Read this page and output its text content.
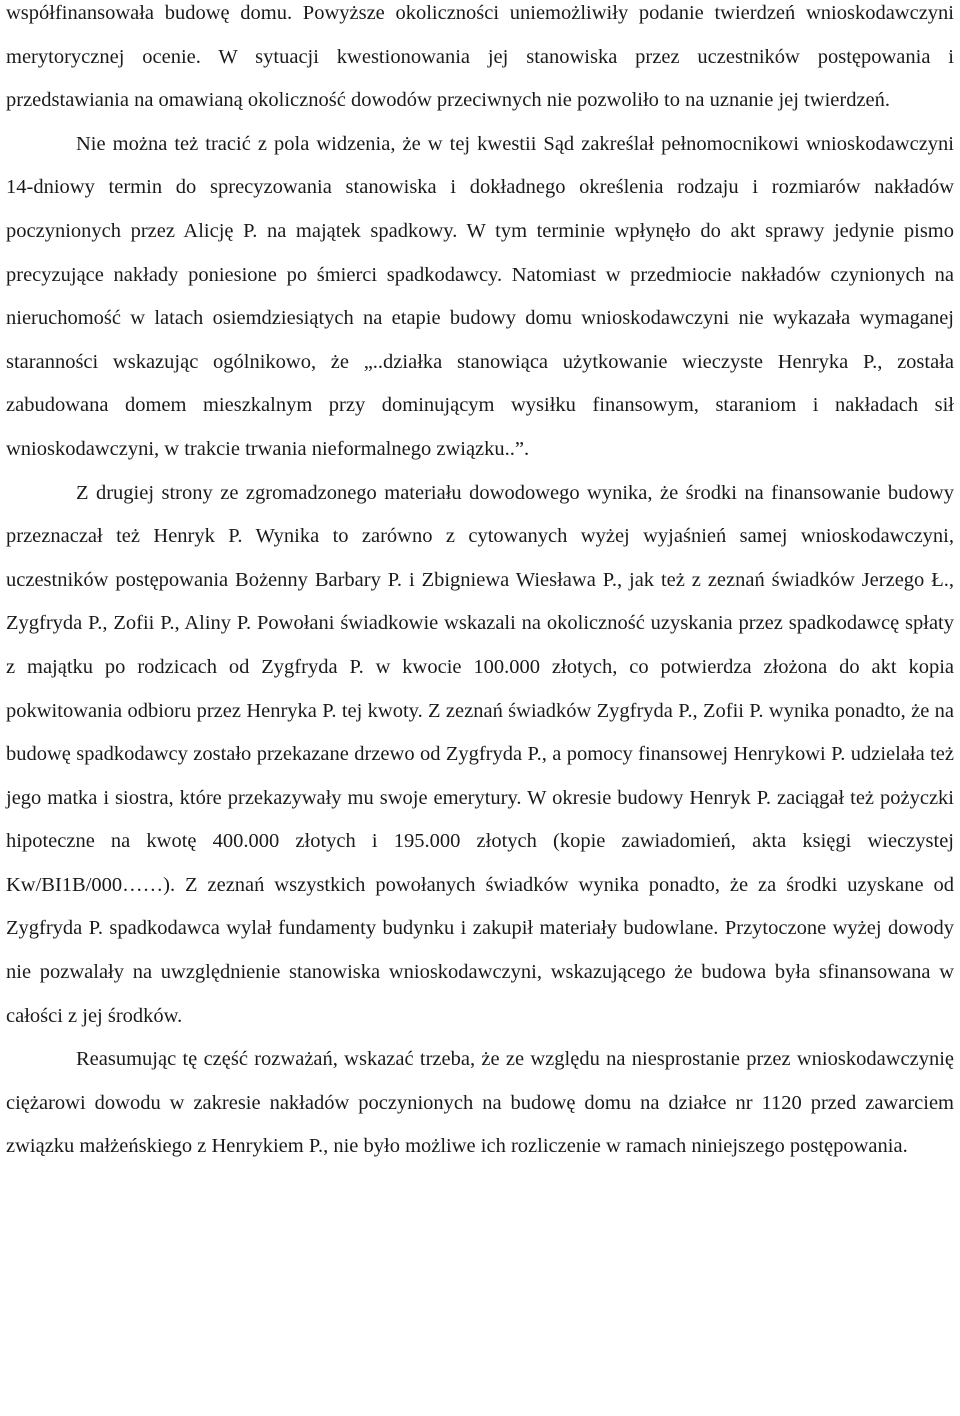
współfinansowała budowę domu. Powyższe okoliczności uniemożliwiły podanie twierdzeń wnioskodawczyni merytorycznej ocenie. W sytuacji kwestionowania jej stanowiska przez uczestników postępowania i przedstawiania na omawianą okoliczność dowodów przeciwnych nie pozwoliło to na uznanie jej twierdzeń.

Nie można też tracić z pola widzenia, że w tej kwestii Sąd zakreślał pełnomocnikowi wnioskodawczyni 14-dniowy termin do sprecyzowania stanowiska i dokładnego określenia rodzaju i rozmiarów nakładów poczynionych przez Alicję P. na majątek spadkowy. W tym terminie wpłynęło do akt sprawy jedynie pismo precyzujące nakłady poniesione po śmierci spadkodawcy. Natomiast w przedmiocie nakładów czynionych na nieruchomość w latach osiemdziesiątych na etapie budowy domu wnioskodawczyni nie wykazała wymaganej staranności wskazując ogólnikowo, że „..działka stanowiąca użytkowanie wieczyste Henryka P., została zabudowana domem mieszkalnym przy dominującym wysiłku finansowym, staraniom i nakładach sił wnioskodawczyni, w trakcie trwania nieformalnego związku..”.

Z drugiej strony ze zgromadzonego materiału dowodowego wynika, że środki na finansowanie budowy przeznaczał też Henryk P. Wynika to zarówno z cytowanych wyżej wyjaśnień samej wnioskodawczyni, uczestników postępowania Bożenny Barbary P. i Zbigniewa Wiesława P., jak też z zeznań świadków Jerzego Ł., Zygfryda P., Zofii P., Aliny P. Powołani świadkowie wskazali na okoliczność uzyskania przez spadkodawcę spłaty z majątku po rodzicach od Zygfryda P. w kwocie 100.000 złotych, co potwierdza złożona do akt kopia pokwitowania odbioru przez Henryka P. tej kwoty. Z zeznań świadków Zygfryda P., Zofii P. wynika ponadto, że na budowę spadkodawcy zostało przekazane drzewo od Zygfryda P., a pomocy finansowej Henrykowi P. udzielała też jego matka i siostra, które przekazywały mu swoje emerytury. W okresie budowy Henryk P. zaciągał też pożyczki hipoteczne na kwotę 400.000 złotych i 195.000 złotych (kopie zawiadomień, akta księgi wieczystej Kw/BI1B/000……). Z zeznań wszystkich powołanych świadków wynika ponadto, że za środki uzyskane od Zygfryda P. spadkodawca wylał fundamenty budynku i zakupił materiały budowlane. Przytoczone wyżej dowody nie pozwalały na uwzględnienie stanowiska wnioskodawczyni, wskazującego że budowa była sfinansowana w całości z jej środków.

Reasumując tę część rozważań, wskazać trzeba, że ze względu na niesprostanie przez wnioskodawczynię ciężarowi dowodu w zakresie nakładów poczynionych na budowę domu na działce nr 1120 przed zawarciem związku małżeńskiego z Henrykiem P., nie było możliwe ich rozliczenie w ramach niniejszego postępowania.
